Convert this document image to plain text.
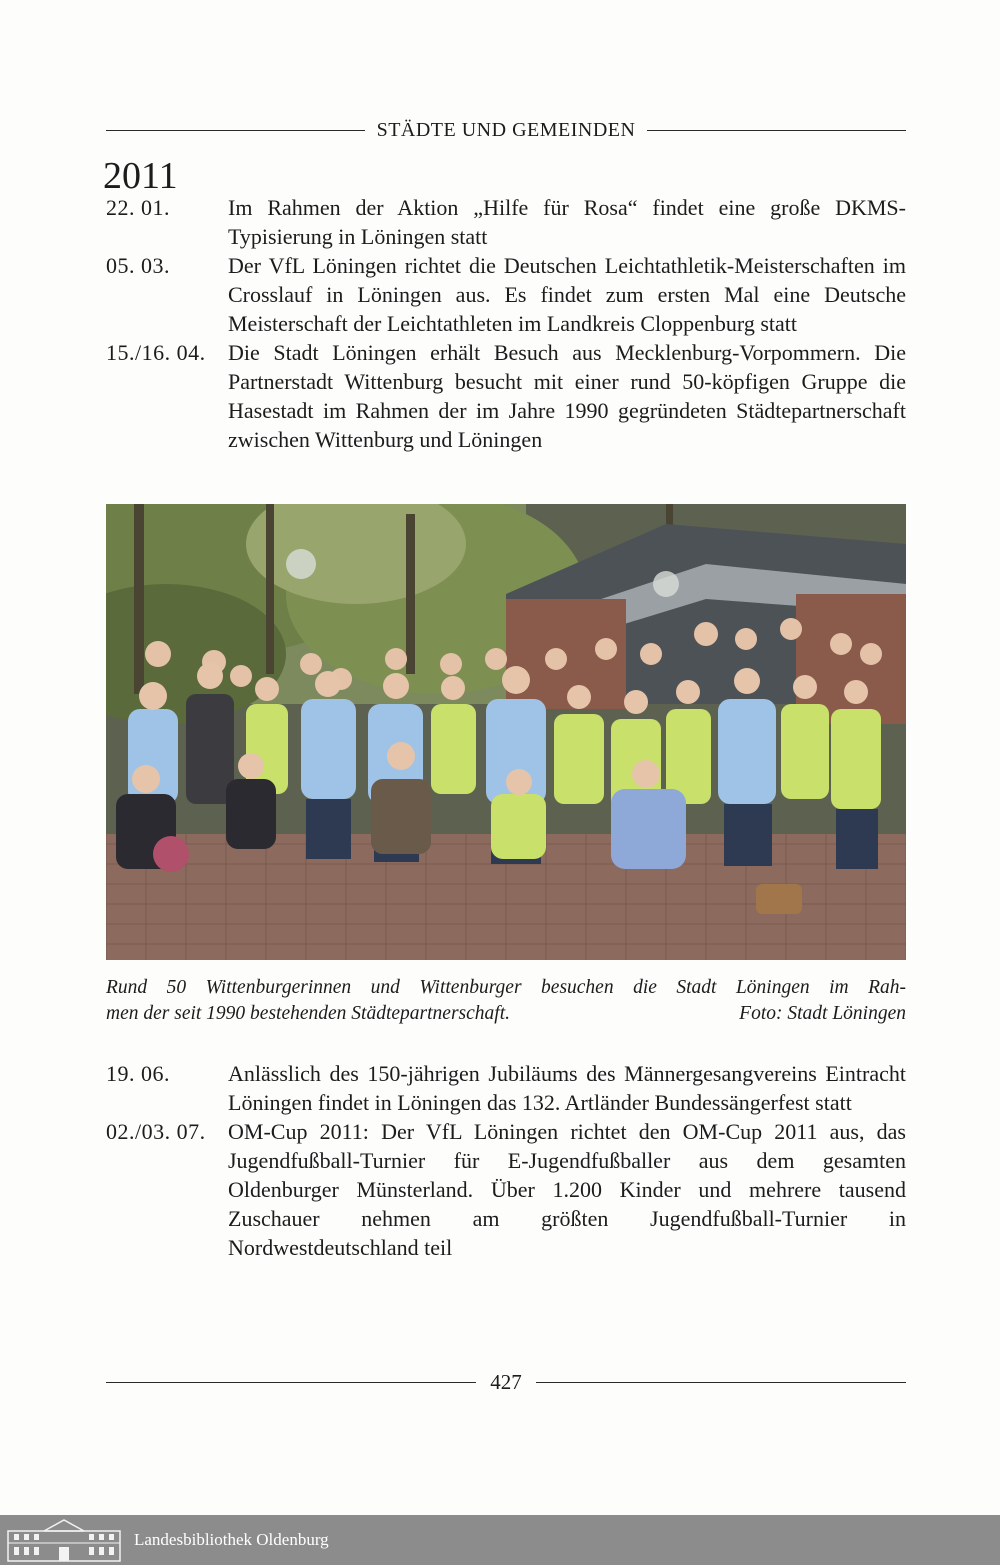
STÄDTE UND GEMEINDEN
2011
22. 01.	Im Rahmen der Aktion „Hilfe für Rosa“ findet eine große DKMS-Typisierung in Löningen statt
05. 03.	Der VfL Löningen richtet die Deutschen Leichtathletik-Meisterschaften im Crosslauf in Löningen aus. Es findet zum ersten Mal eine Deutsche Meisterschaft der Leichtathleten im Landkreis Cloppenburg statt
15./16. 04.	Die Stadt Löningen erhält Besuch aus Mecklenburg-Vorpommern. Die Partnerstadt Wittenburg besucht mit einer rund 50-köpfigen Gruppe die Hasestadt im Rahmen der im Jahre 1990 gegründeten Städtepartnerschaft zwischen Wittenburg und Löningen
Rund 50 Wittenburgerinnen und Wittenburger besuchen die Stadt Löningen im Rah-
men der seit 1990 bestehenden Städtepartnerschaft.	Foto: Stadt Löningen
19. 06.	Anlässlich des 150-jährigen Jubiläums des Männergesangvereins Eintracht Löningen findet in Löningen das 132. Artländer Bundessängerfest statt
02./03. 07.	OM-Cup 2011: Der VfL Löningen richtet den OM-Cup 2011 aus, das Jugendfußball-Turnier für E-Jugendfußballer aus dem gesamten Oldenburger Münsterland. Über 1.200 Kinder und mehrere tausend Zuschauer nehmen am größten Jugendfußball-Turnier in Nordwestdeutschland teil
427
Landesbibliothek Oldenburg
